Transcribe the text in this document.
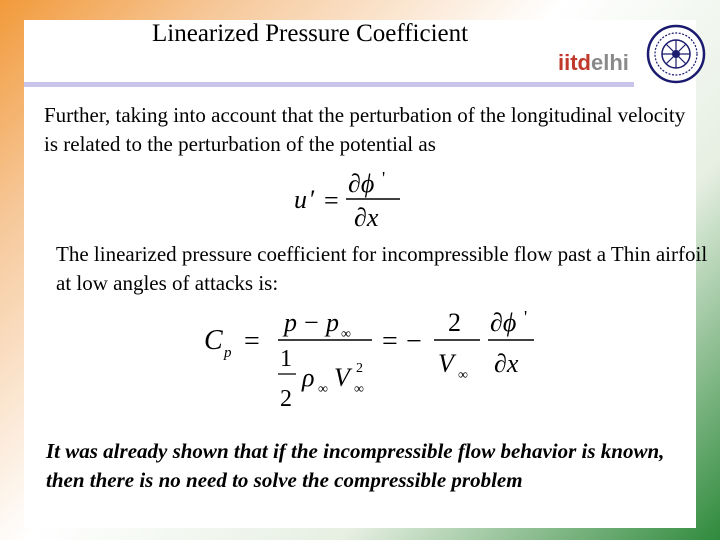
Linearized Pressure Coefficient
iitdelhi
Further, taking into account that the perturbation of the longitudinal velocity is related to the perturbation of the potential as
u ′ =
∂ϕ '
∂x
The linearized pressure coefficient for incompressible flow past a Thin airfoil at low angles of attacks is:
C p =
p − p ∞
1
2
ρ ∞ V ∞
2
= −
2
V ∞
∂ϕ '
∂x
It was already shown that if the incompressible flow behavior is known, then there is no need to solve the compressible problem
